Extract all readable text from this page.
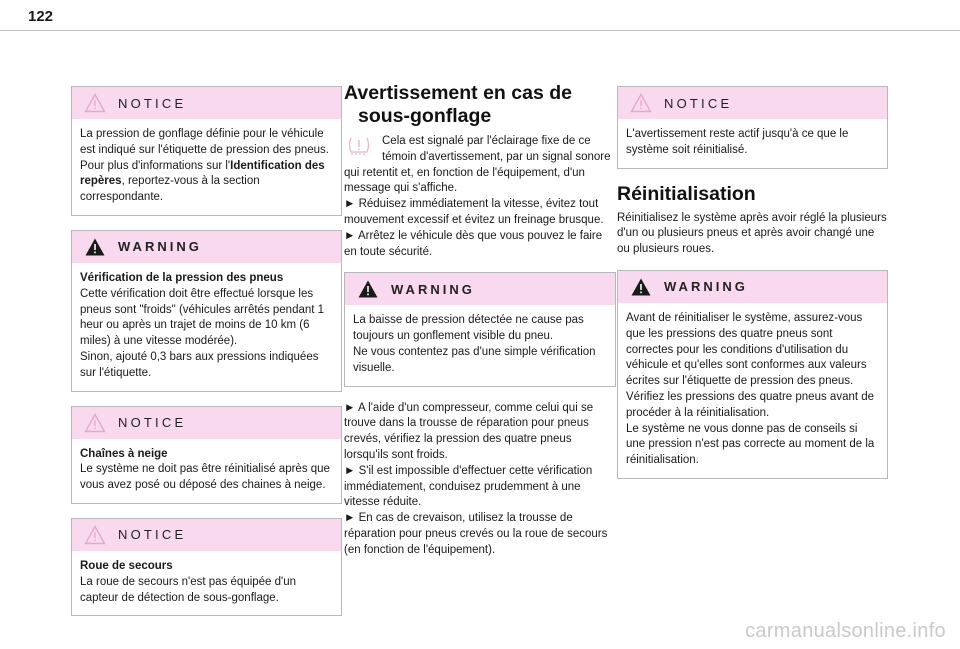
122
NOTICE

La pression de gonflage définie pour le véhicule est indiqué sur l'étiquette de pression des pneus.

Pour plus d'informations sur l'Identification des repères, reportez-vous à la section correspondante.

WARNING

Vérification de la pression des pneus

Cette vérification doit être effectué lorsque les pneus sont "froids" (véhicules arrêtés pendant 1 heur ou après un trajet de moins de 10 km (6 miles) à une vitesse modérée).

Sinon, ajouté 0,3 bars aux pressions indiquées sur l'étiquette.

NOTICE

Chaînes à neige

Le système ne doit pas être réinitialisé après que vous avez posé ou déposé des chaines à neige.

NOTICE

Roue de secours

La roue de secours n'est pas équipée d'un capteur de détection de sous-gonflage.

Avertissement en cas de sous-gonflage

Cela est signalé par l'éclairage fixe de ce témoin d'avertissement, par un signal sonore qui retentit et, en fonction de l'équipement, d'un message qui s'affiche.

► Réduisez immédiatement la vitesse, évitez tout mouvement excessif et évitez un freinage brusque.

► Arrêtez le véhicule dès que vous pouvez le faire en toute sécurité.

WARNING

La baisse de pression détectée ne cause pas toujours un gonflement visible du pneu.

Ne vous contentez pas d'une simple vérification visuelle.

► A l'aide d'un compresseur, comme celui qui se trouve dans la trousse de réparation pour pneus crevés, vérifiez la pression des quatre pneus lorsqu'ils sont froids.

► S'il est impossible d'effectuer cette vérification immédiatement, conduisez prudemment à une vitesse réduite.

► En cas de crevaison, utilisez la trousse de réparation pour pneus crevés ou la roue de secours (en fonction de l'équipement).

NOTICE

L'avertissement reste actif jusqu'à ce que le système soit réinitialisé.

Réinitialisation

Réinitialisez le système après avoir réglé la plusieurs d'un ou plusieurs pneus et après avoir changé une ou plusieurs roues.

WARNING

Avant de réinitialiser le système, assurez-vous que les pressions des quatre pneus sont correctes pour les conditions d'utilisation du véhicule et qu'elles sont conformes aux valeurs écrites sur l'étiquette de pression des pneus.

Vérifiez les pressions des quatre pneus avant de procéder à la réinitialisation.

Le système ne vous donne pas de conseils si une pression n'est pas correcte au moment de la réinitialisation.

carmanualsonline.info
